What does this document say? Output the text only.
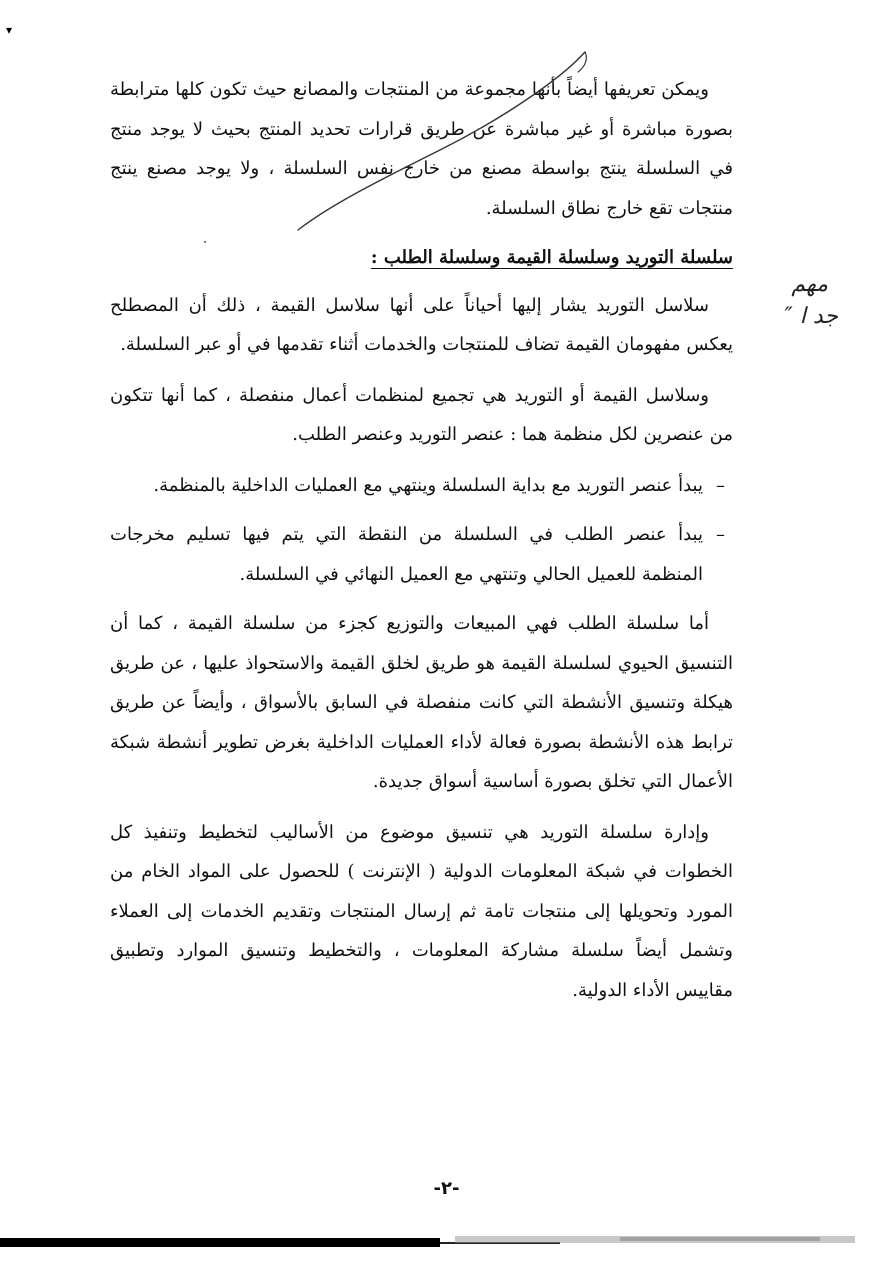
▾

ويمكن تعريفها أيضاً بأنها مجموعة من المنتجات والمصانع حيث تكون كلها مترابطة بصورة مباشرة أو غير مباشرة عن طريق قرارات تحديد المنتج بحيث لا يوجد منتج في السلسلة ينتج بواسطة مصنع من خارج نفس السلسلة ، ولا يوجد مصنع ينتج منتجات تقع خارج نطاق السلسلة.

سلسلة التوريد وسلسلة القيمة وسلسلة الطلب :

سلاسل التوريد يشار إليها أحياناً على أنها سلاسل القيمة ، ذلك أن المصطلح يعكس مفهومان القيمة تضاف للمنتجات والخدمات أثناء تقدمها في أو عبر السلسلة.

وسلاسل القيمة أو التوريد هي تجميع لمنظمات أعمال منفصلة ، كما أنها تتكون من عنصرين لكل منظمة هما : عنصر التوريد وعنصر الطلب.

–يبدأ عنصر التوريد مع بداية السلسلة وينتهي مع العمليات الداخلية بالمنظمة.

–يبدأ عنصر الطلب في السلسلة من النقطة التي يتم فيها تسليم مخرجات المنظمة للعميل الحالي وتنتهي مع العميل النهائي في السلسلة.

أما سلسلة الطلب فهي المبيعات والتوزيع كجزء من سلسلة القيمة ، كما أن التنسيق الحيوي لسلسلة القيمة هو طريق لخلق القيمة والاستحواذ عليها ، عن طريق هيكلة وتنسيق الأنشطة التي كانت منفصلة في السابق بالأسواق ، وأيضاً عن طريق ترابط هذه الأنشطة بصورة فعالة لأداء العمليات الداخلية بغرض تطوير أنشطة شبكة الأعمال التي تخلق بصورة أساسية أسواق جديدة.

وإدارة سلسلة التوريد هي تنسيق موضوع من الأساليب لتخطيط وتنفيذ كل الخطوات في شبكة المعلومات الدولية ( الإنترنت ) للحصول على المواد الخام من المورد وتحويلها إلى منتجات تامة ثم إرسال المنتجات وتقديم الخدمات إلى العملاء وتشمل أيضاً سلسلة مشاركة المعلومات ، والتخطيط وتنسيق الموارد وتطبيق مقاييس الأداء الدولية.

مهم
جد ا ″
-٢-
